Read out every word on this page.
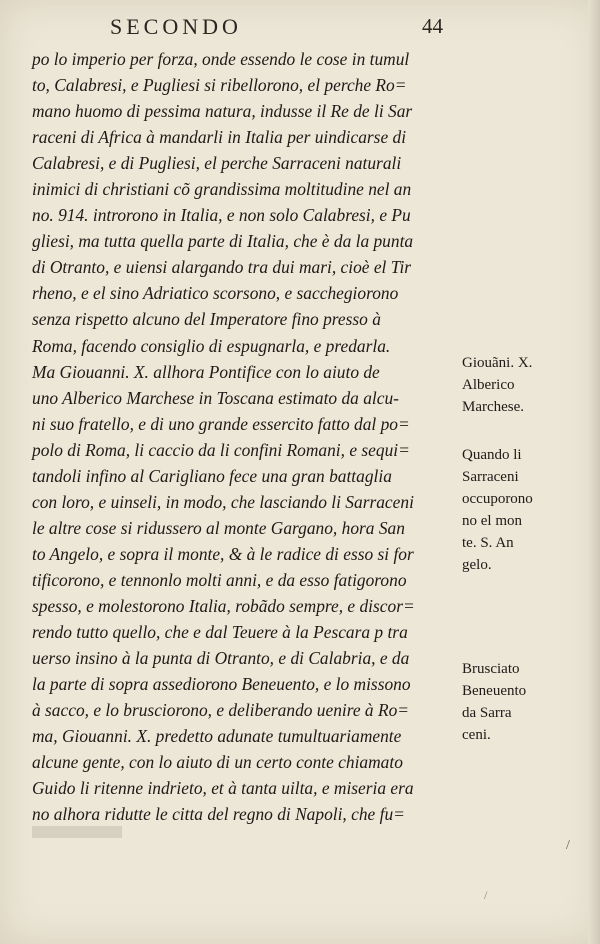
SECONDO	44
po lo imperio per forza, onde essendo le cose in tumul
to, Calabresi, e Pugliesi si ribellorono, el perche Ro=
mano huomo di pessima natura, indusse il Re de li Sar
raceni di Africa à mandarli in Italia per uindicarse di
Calabresi, e di Pugliesi, el perche Sarraceni naturali
inimici di christiani cõ grandissima moltitudine nel an
no. 914. introrono in Italia, e non solo Calabresi, e Pu
gliesi, ma tutta quella parte di Italia, che è da la punta
di Otranto, e uiensi alargando tra dui mari, cioè el Tir
rheno, e el sino Adriatico scorsono, e sacchegiorono
senza rispetto alcuno del Imperatore fino presso à
Roma, facendo consiglio di espugnarla, e predarla.
Ma Giouanni. X. allhora Pontifice con lo aiuto de
uno Alberico Marchese in Toscana estimato da alcu-
ni suo fratello, e di uno grande essercito fatto dal po=
polo di Roma, li caccio da li confini Romani, e sequi=
tandoli infino al Carigliano fece una gran battaglia
con loro, e uinseli, in modo, che lasciando li Sarraceni
le altre cose si ridussero al monte Gargano, hora San
to Angelo, e sopra il monte, & à le radice di esso si for
tificorono, e tennonlo molti anni, e da esso fatigorono
spesso, e molestorono Italia, robãdo sempre, e discor=
rendo tutto quello, che e dal Teuere à la Pescara p tra
uerso insino à la punta di Otranto, e di Calabria, e da
la parte di sopra assediorono Beneuento, e lo missono
à sacco, e lo brusciorono, e deliberando uenire à Ro=
ma, Giouanni. X. predetto adunate tumultuariamente
alcune gente, con lo aiuto di un certo conte chiamato
Guido li ritenne indrieto, et à tanta uilta, e miseria era
no alhora ridutte le citta del regno di Napoli, che fu=
Giouãni. X.
Alberico
Marchese.
Quando li
Sarraceni
occuporono
no el mon
te. S. An
gelo.
Brusciato
Beneuento
da Sarra
ceni.
/
/
